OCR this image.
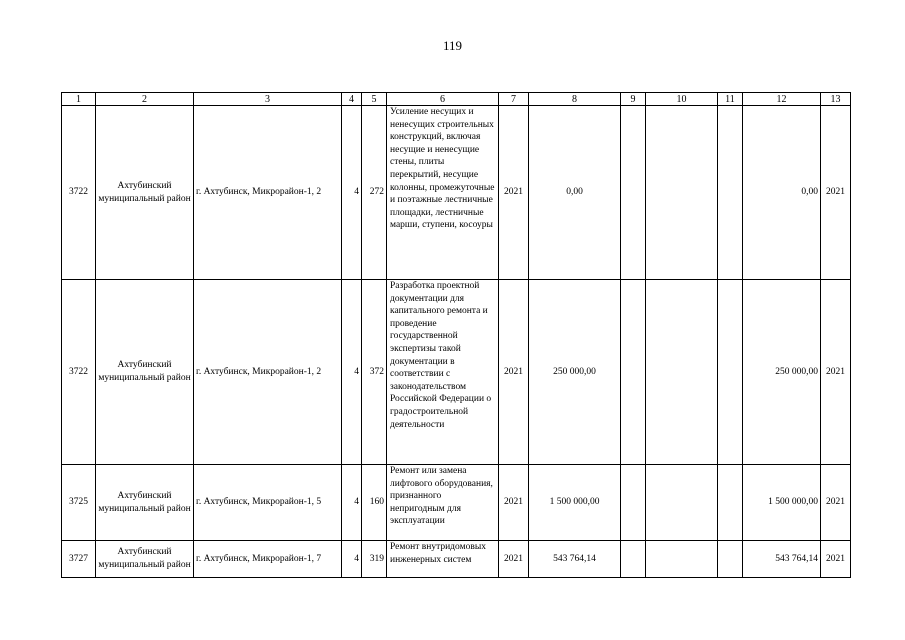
119
1	2	3	4	5	6	7	8	9	10	11	12	13
3722	Ахтубинский муниципальный район	г. Ахтубинск, Микрорайон-1, 2	4	272	Усиление несущих и ненесущих строительных конструкций, включая несущие и ненесущие стены, плиты перекрытий, несущие колонны, промежуточные и поэтажные лестничные площадки, лестничные марши, ступени, косоуры	2021	0,00				0,00	2021
3722	Ахтубинский муниципальный район	г. Ахтубинск, Микрорайон-1, 2	4	372	Разработка проектной документации для капитального ремонта и проведение государственной экспертизы такой документации в соответствии с законодательством Российской Федерации о градостроительной деятельности	2021	250 000,00				250 000,00	2021
3725	Ахтубинский муниципальный район	г. Ахтубинск, Микрорайон-1, 5	4	160	Ремонт или замена лифтового оборудования, признанного непригодным для эксплуатации	2021	1 500 000,00				1 500 000,00	2021
3727	Ахтубинский муниципальный район	г. Ахтубинск, Микрорайон-1, 7	4	319	Ремонт внутридомовых инженерных систем	2021	543 764,14				543 764,14	2021
